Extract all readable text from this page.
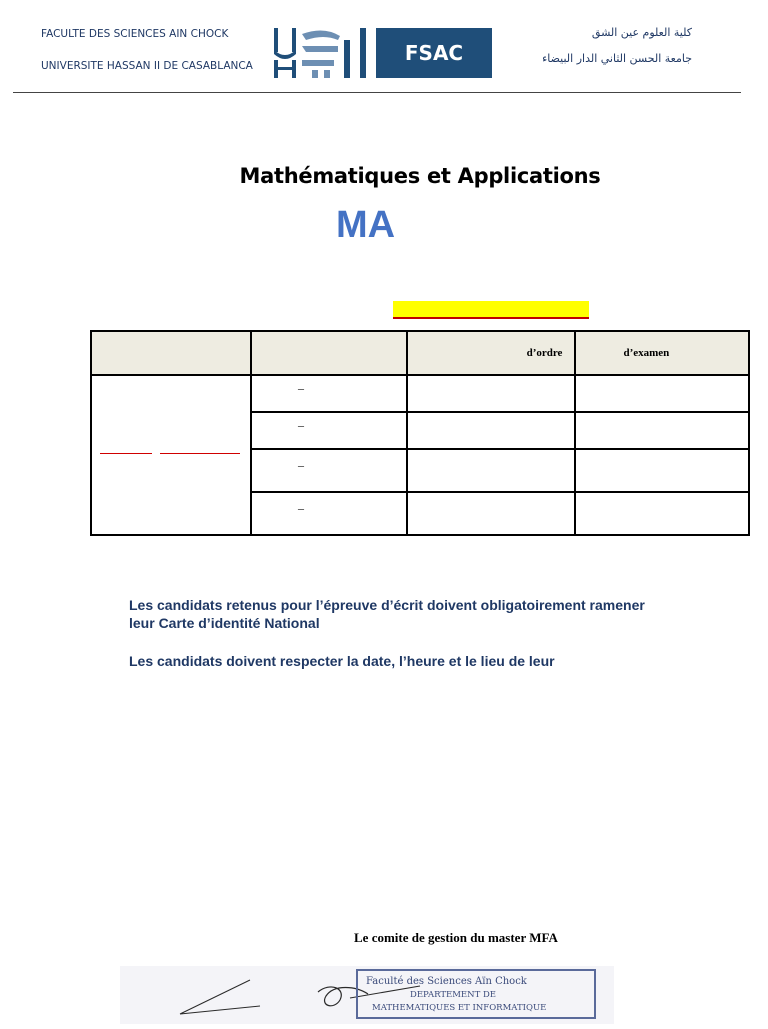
FACULTE DES SCIENCES AIN CHOCK
UNIVERSITE HASSAN II DE CASABLANCA
FSAC
كلية العلوم عين الشق
جامعة الحسن الثاني الدار البيضاء
Mathématiques et Applications
MA
		d’ordre	d’examen

	–		
	–		
	–		
	–		
Les candidats retenus pour l’épreuve d’écrit doivent obligatoirement ramener leur Carte d’identité National
Les candidats doivent respecter la date, l’heure et le lieu de leur
Le comite de gestion du master MFA
Faculté des Sciences Aïn Chock
DEPARTEMENT DE
MATHEMATIQUES ET INFORMATIQUE
